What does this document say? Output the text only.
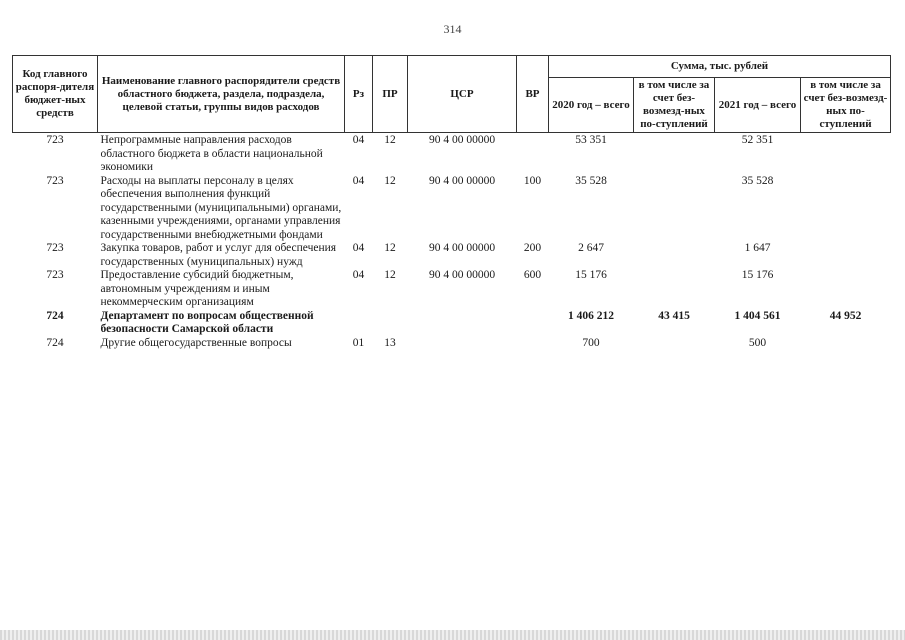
314
Код главного распоря-дителя бюджет-ных средств	Наименование главного распорядители средств областного бюджета, раздела, подраздела, целевой статьи, группы видов расходов	Рз	ПР	ЦСР	ВР	Сумма, тыс. рублей			
						2020 год – всего	в том числе за счет без-возмезд-ных по-ступлений	2021 год – всего	в том числе за счет без-возмезд-ных по-ступлений
723	Непрограммные направления расходов областного бюджета в области национальной экономики	04	12	90 4 00 00000		53 351		52 351	
723	Расходы на выплаты персоналу в целях обеспечения выполнения функций государственными (муниципальными) органами, казенными учреждениями, органами управления государственными внебюджетными фондами	04	12	90 4 00 00000	100	35 528		35 528	
723	Закупка товаров, работ и услуг для обеспечения государственных (муниципальных) нужд	04	12	90 4 00 00000	200	2 647		1 647	
723	Предоставление субсидий бюджетным, автономным учреждениям и иным некоммерческим организациям	04	12	90 4 00 00000	600	15 176		15 176	
724	Департамент по вопросам общественной безопасности Самарской области					1 406 212	43 415	1 404 561	44 952
724	Другие общегосударственные вопросы	01	13			700		500	
